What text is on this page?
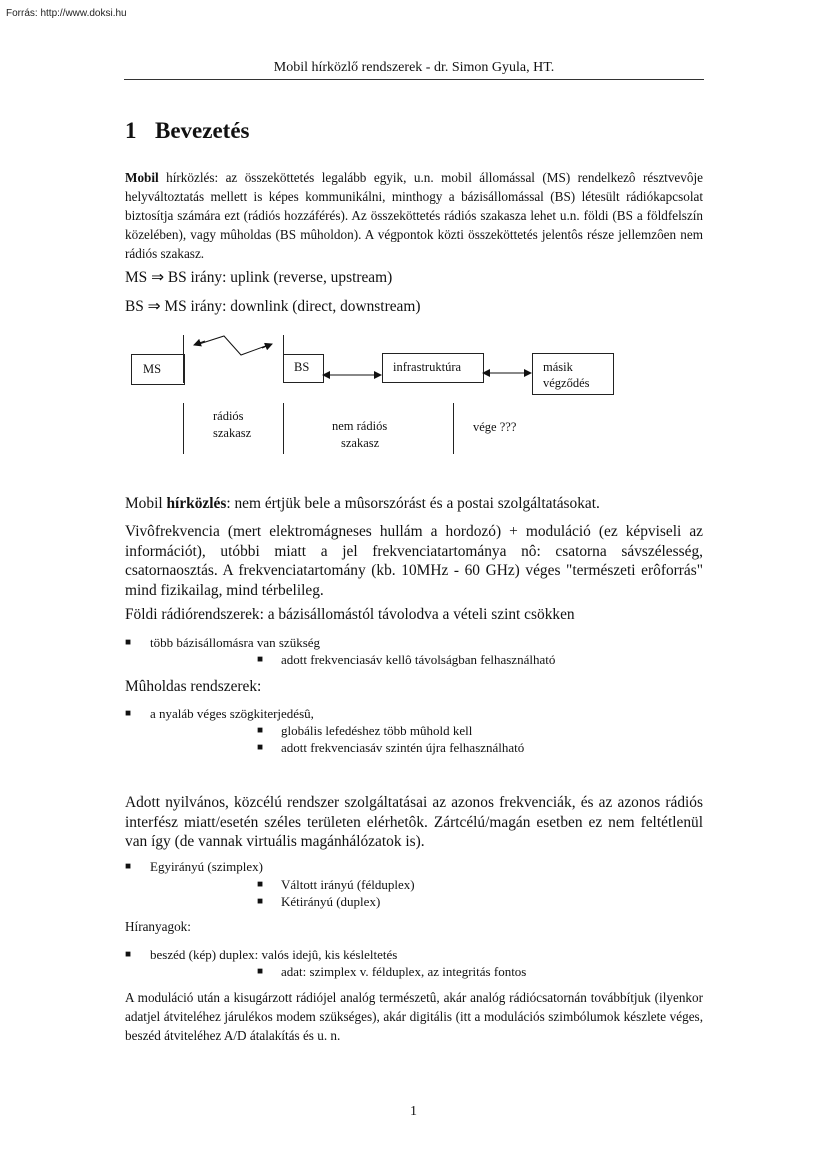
Forrás: http://www.doksi.hu
Mobil hírközlő rendszerek - dr. Simon Gyula, HT.
1 Bevezetés

Mobil hírközlés: az összeköttetés legalább egyik, u.n. mobil állomással (MS) rendelkezô résztvevôje helyváltoztatás mellett is képes kommunikálni, minthogy a bázisállomással (BS) létesült rádiókapcsolat biztosítja számára ezt (rádiós hozzáférés). Az összeköttetés rádiós szakasza lehet u.n. földi (BS a földfelszín közelében), vagy mûholdas (BS mûholdon). A végpontok közti összeköttetés jelentôs része jellemzôen nem rádiós szakasz.

MS ⇒ BS irány: uplink (reverse, upstream)

BS ⇒ MS irány: downlink (direct, downstream)

MS	BS	infrastruktúra	másik
végződés
rádiós
szakasz	nem rádiós
szakasz
vége ???

Mobil hírközlés: nem értjük bele a mûsorszórást és a postai szolgáltatásokat.

Vivôfrekvencia (mert elektromágneses hullám a hordozó) + moduláció (ez képviseli az információt), utóbbi miatt a jel frekvenciatartománya nô: csatorna sávszélesség, csatornaosztás. A frekvenciatartomány (kb. 10MHz - 60 GHz) véges "természeti erôforrás" mind fizikailag, mind térbelileg.

Földi rádiórendszerek: a bázisállomástól távolodva a vételi szint csökken

■ több bázisállomásra van szükség
■ adott frekvenciasáv kellô távolságban felhasználható

Mûholdas rendszerek:

■ a nyaláb véges szögkiterjedésû,
■ globális lefedéshez több mûhold kell
■ adott frekvenciasáv szintén újra felhasználható

Adott nyilvános, közcélú rendszer szolgáltatásai az azonos frekvenciák, és az azonos rádiós interfész miatt/esetén széles területen elérhetôk. Zártcélú/magán esetben ez nem feltétlenül van így (de vannak virtuális magánhálózatok is).

■ Egyirányú (szimplex)
■ Váltott irányú (félduplex)
■ Kétirányú (duplex)

Híranyagok:

■ beszéd (kép) duplex: valós idejû, kis késleltetés
■ adat: szimplex v. félduplex, az integritás fontos

A moduláció után a kisugárzott rádiójel analóg természetû, akár analóg rádiócsatornán továbbítjuk (ilyenkor adatjel átviteléhez járulékos modem szükséges), akár digitális (itt a modulációs szimbólumok készlete véges, beszéd átviteléhez A/D átalakítás és u. n.

1
